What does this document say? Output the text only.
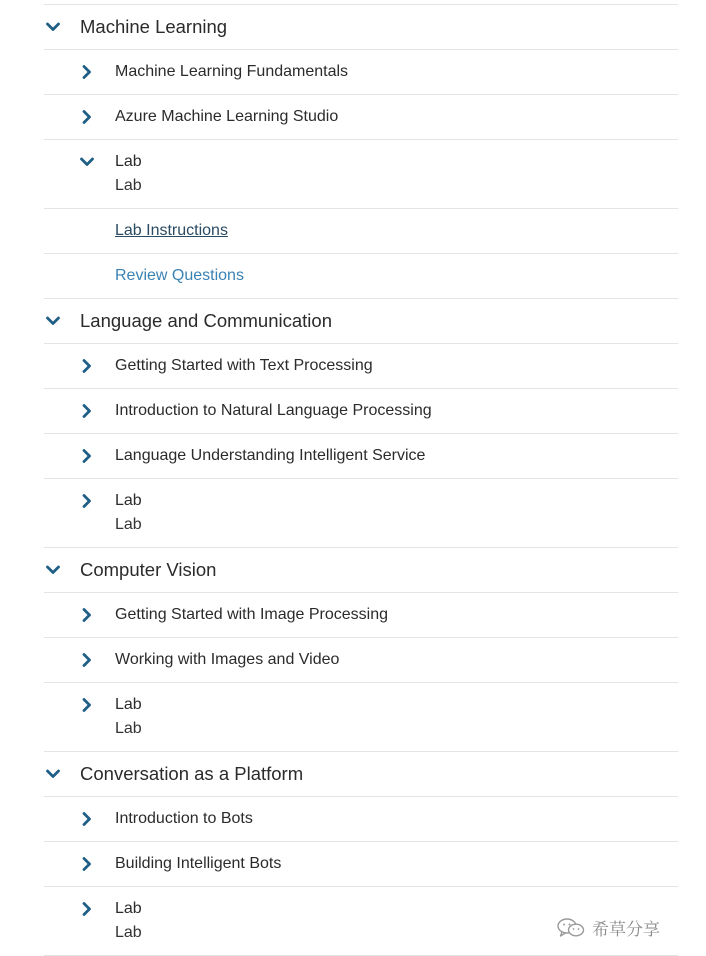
Machine Learning
Machine Learning Fundamentals
Azure Machine Learning Studio
Lab
Lab
Lab Instructions
Review Questions
Language and Communication
Getting Started with Text Processing
Introduction to Natural Language Processing
Language Understanding Intelligent Service
Lab
Lab
Computer Vision
Getting Started with Image Processing
Working with Images and Video
Lab
Lab
Conversation as a Platform
Introduction to Bots
Building Intelligent Bots
Lab
Lab	希草分享
